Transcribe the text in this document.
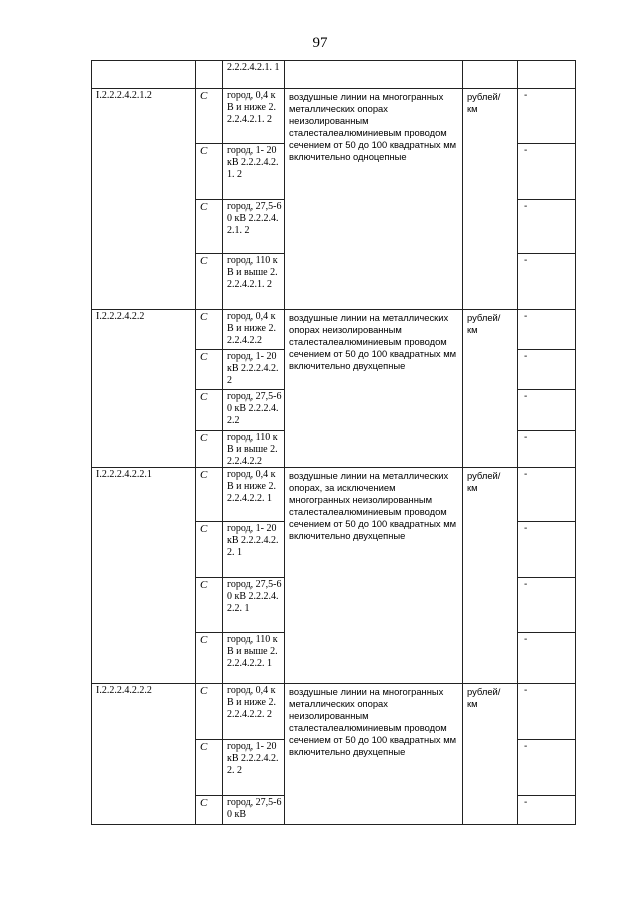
97
		2.2.2.4.2.1. 1			
I.2.2.2.4.2.1.2	С	город, 0,4 кВ и ниже 2.2.2.4.2.1. 2	воздушные линии на многогранных металлических опорах неизолированным сталесталеалюминиевым проводом сечением от 50 до 100 квадратных мм включительно одноцепные	рублей/ км	-
	С	город, 1- 20 кВ 2.2.2.4.2.1. 2			-
	С	город, 27,5-60 кВ 2.2.2.4.2.1. 2			-
	С	город, 110 кВ и выше 2.2.2.4.2.1. 2			-
I.2.2.2.4.2.2	С	город, 0,4 кВ и ниже 2.2.2.4.2.2	воздушные линии на металлических опорах неизолированным сталесталеалюминиевым проводом сечением от 50 до 100 квадратных мм включительно двухцепные	рублей/ км	-
	С	город, 1- 20 кВ 2.2.2.4.2.2			-
	С	город, 27,5-60 кВ 2.2.2.4.2.2			-
	С	город, 110 кВ и выше 2.2.2.4.2.2			-
I.2.2.2.4.2.2.1	С	город, 0,4 кВ и ниже 2.2.2.4.2.2. 1	воздушные линии на металлических опорах, за исключением многогранных неизолированным сталесталеалюминиевым проводом сечением от 50 до 100 квадратных мм включительно двухцепные	рублей/ км	-
	С	город, 1- 20 кВ 2.2.2.4.2.2. 1			-
	С	город, 27,5-60 кВ 2.2.2.4.2.2. 1			-
	С	город, 110 кВ и выше 2.2.2.4.2.2. 1			-
I.2.2.2.4.2.2.2	С	город, 0,4 кВ и ниже 2.2.2.4.2.2. 2	воздушные линии на многогранных металлических опорах неизолированным сталесталеалюминиевым проводом сечением от 50 до 100 квадратных мм включительно двухцепные	рублей/ км	-
	С	город, 1- 20 кВ 2.2.2.4.2.2. 2			-
	С	город, 27,5-60 кВ			-
